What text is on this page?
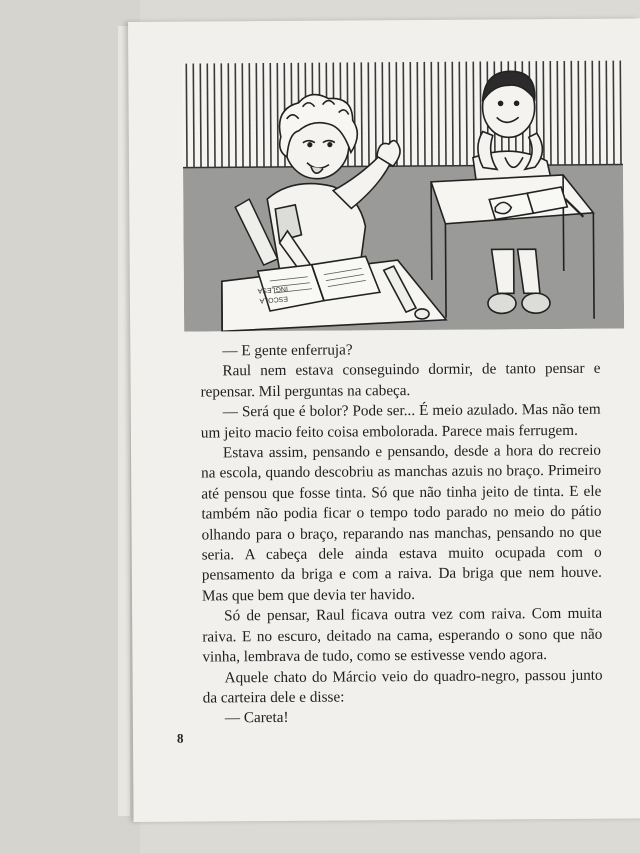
ESCOLA
INGLESA

— E gente enferruja?

Raul nem estava conseguindo dormir, de tanto pensar e repensar. Mil perguntas na cabeça.

— Será que é bolor? Pode ser... É meio azulado. Mas não tem um jeito macio feito coisa embolorada. Parece mais ferrugem.

Estava assim, pensando e pensando, desde a hora do recreio na escola, quando descobriu as manchas azuis no braço. Primeiro até pensou que fosse tinta. Só que não tinha jeito de tinta. E ele também não podia ficar o tempo todo parado no meio do pátio olhando para o braço, reparando nas manchas, pensando no que seria. A cabeça dele ainda estava muito ocupada com o pensamento da briga e com a raiva. Da briga que nem houve. Mas que bem que devia ter havido.

Só de pensar, Raul ficava outra vez com raiva. Com muita raiva. E no escuro, deitado na cama, esperando o sono que não vinha, lembrava de tudo, como se estivesse vendo agora.

Aquele chato do Márcio veio do quadro-negro, passou junto da carteira dele e disse:

— Careta!

8
